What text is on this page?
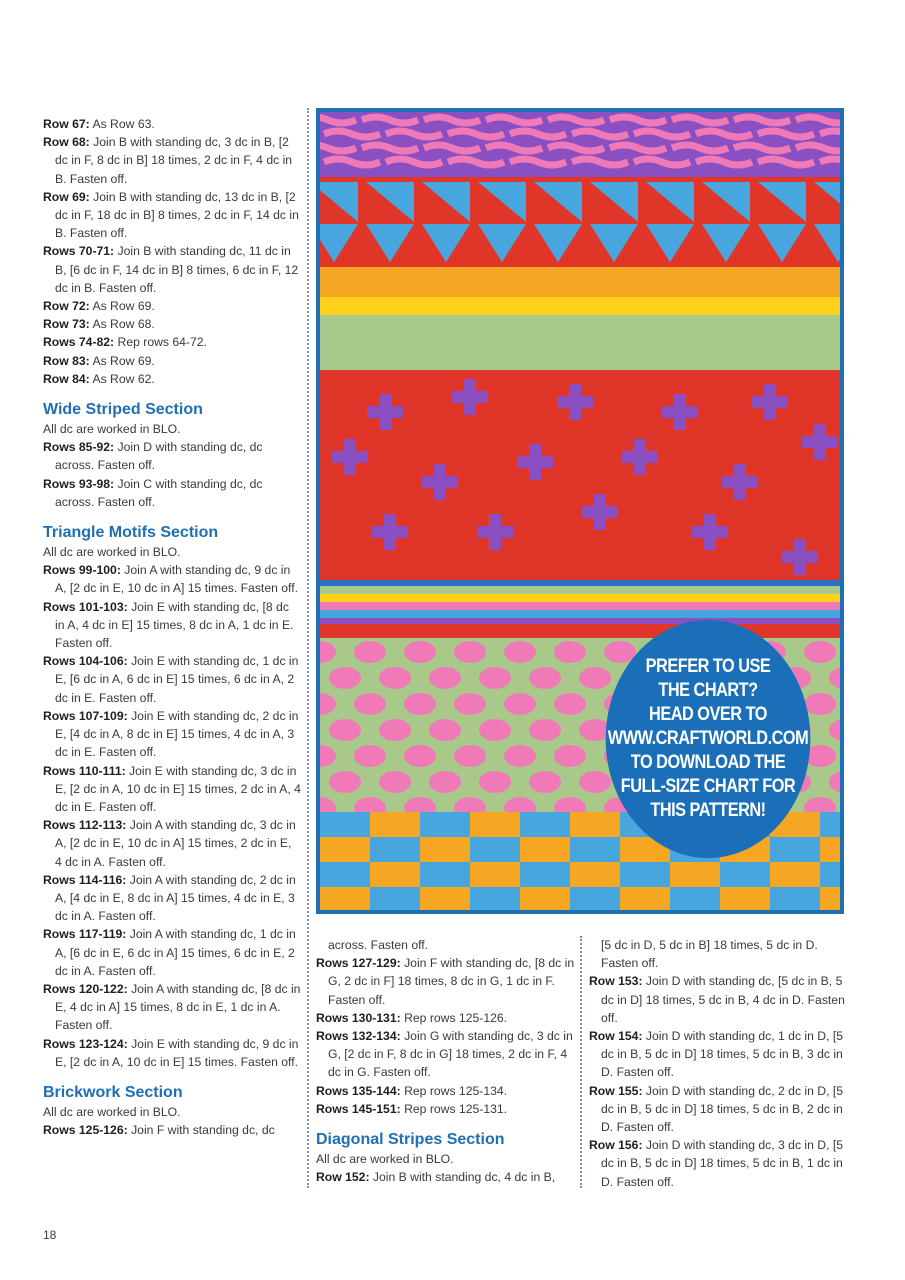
Row 67: As Row 63.

Row 68: Join B with standing dc, 3 dc in B, [2 dc in F, 8 dc in B] 18 times, 2 dc in F, 4 dc in B. Fasten off.

Row 69: Join B with standing dc, 13 dc in B, [2 dc in F, 18 dc in B] 8 times, 2 dc in F, 14 dc in B. Fasten off.

Rows 70-71: Join B with standing dc, 11 dc in B, [6 dc in F, 14 dc in B] 8 times, 6 dc in F, 12 dc in B. Fasten off.

Row 72: As Row 69.

Row 73: As Row 68.

Rows 74-82: Rep rows 64-72.

Row 83: As Row 69.

Row 84: As Row 62.

Wide Striped Section

All dc are worked in BLO.

Rows 85-92: Join D with standing dc, dc across. Fasten off.

Rows 93-98: Join C with standing dc, dc across. Fasten off.

Triangle Motifs Section

All dc are worked in BLO.

Rows 99-100: Join A with standing dc, 9 dc in A, [2 dc in E, 10 dc in A] 15 times. Fasten off.

Rows 101-103: Join E with standing dc, [8 dc in A, 4 dc in E] 15 times, 8 dc in A, 1 dc in E. Fasten off.

Rows 104-106: Join E with standing dc, 1 dc in E, [6 dc in A, 6 dc in E] 15 times, 6 dc in A, 2 dc in E. Fasten off.

Rows 107-109: Join E with standing dc, 2 dc in E, [4 dc in A, 8 dc in E] 15 times, 4 dc in A, 3 dc in E. Fasten off.

Rows 110-111: Join E with standing dc, 3 dc in E, [2 dc in A, 10 dc in E] 15 times, 2 dc in A, 4 dc in E. Fasten off.

Rows 112-113: Join A with standing dc, 3 dc in A, [2 dc in E, 10 dc in A] 15 times, 2 dc in E, 4 dc in A. Fasten off.

Rows 114-116: Join A with standing dc, 2 dc in A, [4 dc in E, 8 dc in A] 15 times, 4 dc in E, 3 dc in A. Fasten off.

Rows 117-119: Join A with standing dc, 1 dc in A, [6 dc in E, 6 dc in A] 15 times, 6 dc in E, 2 dc in A. Fasten off.

Rows 120-122: Join A with standing dc, [8 dc in E, 4 dc in A] 15 times, 8 dc in E, 1 dc in A. Fasten off.

Rows 123-124: Join E with standing dc, 9 dc in E, [2 dc in A, 10 dc in E] 15 times. Fasten off.

Brickwork Section

All dc are worked in BLO.

Rows 125-126: Join F with standing dc, dc

PREFER TO USE
THE CHART?
HEAD OVER TO
WWW.CRAFTWORLD.COM
TO DOWNLOAD THE
FULL-SIZE CHART FOR
THIS PATTERN!

across. Fasten off.

Rows 127-129: Join F with standing dc, [8 dc in G, 2 dc in F] 18 times, 8 dc in G, 1 dc in F. Fasten off.

Rows 130-131: Rep rows 125-126.

Rows 132-134: Join G with standing dc, 3 dc in G, [2 dc in F, 8 dc in G] 18 times, 2 dc in F, 4 dc in G. Fasten off.

Rows 135-144: Rep rows 125-134.

Rows 145-151: Rep rows 125-131.

Diagonal Stripes Section

All dc are worked in BLO.

Row 152: Join B with standing dc, 4 dc in B,

[5 dc in D, 5 dc in B] 18 times, 5 dc in D. Fasten off.

Row 153: Join D with standing dc, [5 dc in B, 5 dc in D] 18 times, 5 dc in B, 4 dc in D. Fasten off.

Row 154: Join D with standing dc, 1 dc in D, [5 dc in B, 5 dc in D] 18 times, 5 dc in B, 3 dc in D. Fasten off.

Row 155: Join D with standing dc, 2 dc in D, [5 dc in B, 5 dc in D] 18 times, 5 dc in B, 2 dc in D. Fasten off.

Row 156: Join D with standing dc, 3 dc in D, [5 dc in B, 5 dc in D] 18 times, 5 dc in B, 1 dc in D. Fasten off.

18
